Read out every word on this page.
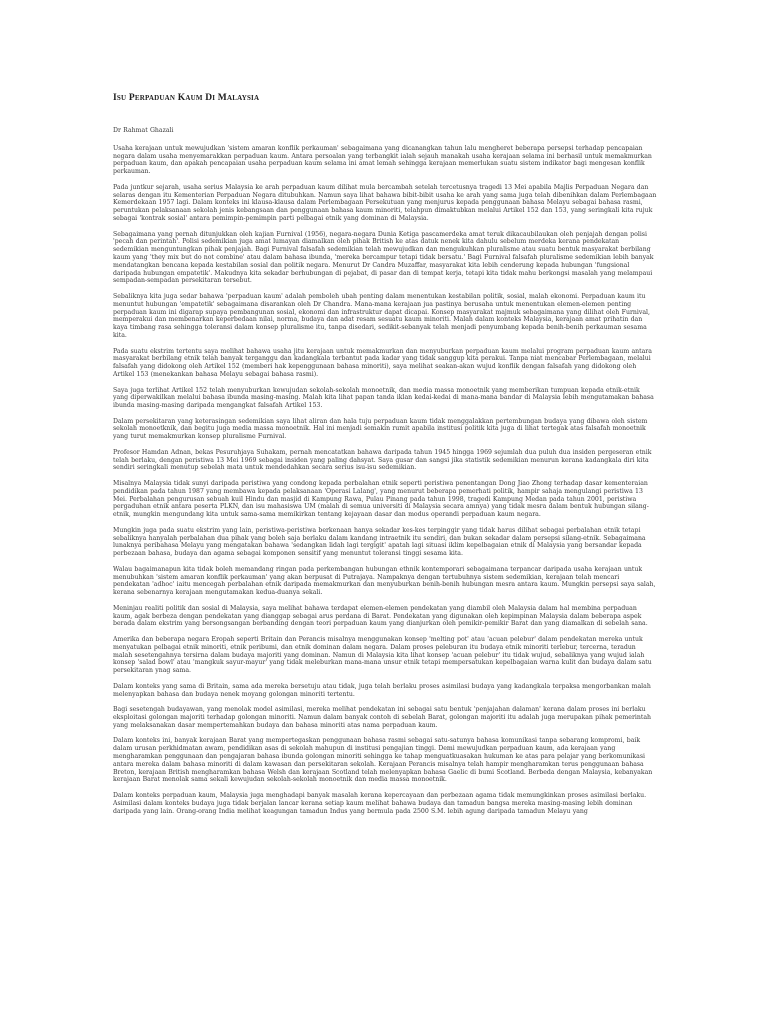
Isu Perpaduan Kaum Di Malaysia

Dr Rahmat Ghazali

Usaha kerajaan untuk mewujudkan 'sistem amaran konflik perkauman' sebagaimana yang dicanangkan tahun lalu mengheret beberapa persepsi terhadap pencapaian negara dalam usaha menyemarakkan perpaduan kaum. Antara persoalan yang terbangkit ialah sejauh manakah usaha kerajaan selama ini berhasil untuk memakmurkan perpaduan kaum, dan apakah pencapaian usaha perpaduan kaum selama ini amat lemah sehingga kerajaan memerlukan suatu sistem indikator bagi mengesan konflik perkauman.

Pada juntkur sejarah, usaha serius Malaysia ke arah perpaduan kaum dilihat mula bercambah setelah tercetusnya tragedi 13 Mei apabila Majlis Perpaduan Negara dan selaras dengan itu Kementerian Perpaduan Negara ditubuhkan. Namun saya lihat bahawa bibit-bibit usaha ke arah yang sama juga telah dibenihkan dalam Perlembagaan Kemerdekaan 1957 lagi. Dalam konteks ini klausa-klausa dalam Perlembagaan Persekutuan yang menjurus kepada penggunaan bahasa Melayu sebagai bahasa rasmi, peruntukan pelaksanaan sekolah jenis kebangsaan dan penggunaan bahasa kaum minoriti, telahpun dimaktubkan melalui Artikel 152 dan 153, yang seringkali kita rujuk sebagai 'kontrak sosial' antara pemimpin-pemimpin parti pelbagai etnik yang dominan di Malaysia.

Sebagaimana yang pernah ditunjukkan oleh kajian Furnival (1956), negara-negara Dunia Ketiga pascamerdeka amat teruk dikacaubilaukan oleh penjajah dengan polisi 'pecah dan perintah'. Polisi sedemikian juga amat lumayan diamalkan oleh pihak British ke atas datuk nenek kita dahulu sebelum merdeka kerana pendekatan sedemikian menguntungkan pihak penjajah. Bagi Furnival falsafah sedemikian telah mewujudkan dan mengukuhkan pluralisme atau suatu bentuk masyarakat berbilang kaum yang 'they mix but do not combine' atau dalam bahasa ibunda, 'mereka bercampur tetapi tidak bersatu.' Bagi Furnival falsafah pluralisme sedemikian lebih banyak mendatangkan bencana kepada kestabilan sosial dan politik negara. Menurut Dr Candra Muzaffar, masyarakat kita lebih cenderung kepada hubungan 'fungsional daripada hubungan empatetik'. Makudnya kita sekadar berhubungan di pejabat, di pasar dan di tempat kerja, tetapi kita tidak mahu berkongsi masalah yang melampaui sempadan-sempadan persekitaran tersebut.

Sebaliknya kita juga sedar bahawa 'perpaduan kaum' adalah pemboleh ubah penting dalam menentukan kestabilan politik, sosial, malah ekonomi. Perpaduan kaum itu menuntut hubungan 'empatetik' sebagaimana disarankan oleh Dr Chandra. Mana-mana kerajaan jua pastinya berusaha untuk menentukan elemen-elemen penting perpaduan kaum ini digarap supaya pembangunan sosial, ekonomi dan infrastruktur dapat dicapai. Konsep masyarakat majmuk sebagaimana yang dilihat oleh Furnival, memperakui dan membenarkan keperbedaan nilai, norma, budaya dan adat resam sesuatu kaum minoriti. Malah dalam konteks Malaysia, kerajaan amat prihatin dan kaya timbang rasa sehingga toleransi dalam konsep pluralisme itu, tanpa disedari, sedikit-sebanyak telah menjadi penyumbang kepada benih-benih perkauman sesama kita.

Pada suatu ekstrim tertentu saya melihat bahawa usaha jitu kerajaan untuk memakmurkan dan menyuburkan perpaduan kaum melalui program perpaduan kaum antara masyarakat berbilang etnik telah banyak terganggu dan kadangkala terbantut pada kadar yang tidak sanggup kita perakui. Tanpa niat mencabar Perlembagaan, melalui falsafah yang didokong oleh Artikel 152 (memberi hak kepenggunaan bahasa minoriti), saya melihat seakan-akan wujud konflik dengan falsafah yang didokong oleh Artikel 153 (menekankan bahasa Melayu sebagai bahasa rasmi).

Saya juga terlihat Artikel 152 telah menyuburkan kewujudan sekolah-sekolah monoetnik, dan media massa monoetnik yang memberikan tumpuan kepada etnik-etnik yang diperwakilkan melalui bahasa ibunda masing-masing. Malah kita lihat papan tanda iklan kedai-kedai di mana-mana bandar di Malaysia lebih mengutamakan bahasa ibunda masing-masing daripada mengangkat falsafah Artikel 153.

Dalam persekitaran yang keterasingan sedemikian saya lihat aliran dan hala tuju perpaduan kaum tidak menggalakkan pertembungan budaya yang dibawa oleh sistem sekolah monoetknik, dan begitu juga media massa monoetnik. Hal ini menjadi semakin rumit apabila institusi politik kita juga di lihat tertegak atas falsafah monoetnik yang turut memakmurkan konsep pluralisme Furnival.

Profesor Hamdan Adnan, bekas Pesuruhjaya Suhakam, pernah mencatatkan bahawa daripada tahun 1945 hingga 1969 sejumlah dua puluh dua insiden pergeseran etnik telah berlaku, dengan peristiwa 13 Mei 1969 sebagai insiden yang paling dahsyat. Saya gusar dan sangsi jika statistik sedemikian menurun kerana kadangkala diri kita sendiri seringkali menutup sebelah mata untuk mendedahkan secara serius isu-isu sedemikian.

Misalnya Malaysia tidak sunyi daripada peristiwa yang condong kepada perbalahan etnik seperti peristiwa penentangan Dong Jiao Zhong terhadap dasar kementeraian pendidikan pada tahun 1987 yang membawa kepada pelaksanaan 'Operasi Lalang', yang menurut beberapa pemerhati politik, hampir sahaja mengulangi peristiwa 13 Mei. Perbalahan pengurusan sebuah kuil Hindu dan masjid di Kampung Rawa, Pulau Pinang pada tahun 1998, tragedi Kampung Medan pada tahun 2001, peristiwa pergaduhan etnik antara peserta PLKN, dan isu mahasiswa UM (malah di semua universiti di Malaysia secara amnya) yang tidak mesra dalam bentuk hubungan silang-etnik, mungkin mengundang kita untuk sama-sama memikirkan tentang kejayaan dasar dan modus operandi perpaduan kaum negara.

Mungkin juga pada suatu ekstrim yang lain, peristiwa-peristiwa berkenaan hanya sekadar kes-kes terpinggir yang tidak harus dilihat sebagai perbalahan etnik tetapi sebaliknya hanyalah perbalahan dua pihak yang boleh saja berlaku dalam kandang intraetnik itu sendiri, dan bukan sekadar dalam persepsi silang-etnik. Sebagaimana lunaknya peribahasa Melayu yang mengatakan bahawa 'sedangkan lidah lagi tergigit' apatah lagi situasi iklim kepelbagaian etnik di Malaysia yang bersandar kepada perbezaan bahasa, budaya dan agama sebagai komponen sensitif yang menuntut toleransi tinggi sesama kita.

Walau bagaimanapun kita tidak boleh memandang ringan pada perkembangan hubungan ethnik kontemporari sebagaimana terpancar daripada usaha kerajaan untuk menubuhkan 'sistem amaran konflik perkauman' yang akan berpusat di Putrajaya. Nampaknya dengan tertubuhnya sistem sedemikian, kerajaan telah mencari pendekatan 'adhoc' iaitu mencegah perbalahan etnik daripada memakmurkan dan menyuburkan benih-benih hubungan mesra antara kaum. Mungkin persepsi saya salah, kerana sebenarnya kerajaan mengutamakan kedua-duanya sekali.

Meninjau realiti politik dan sosial di Malaysia, saya melihat bahawa terdapat elemen-elemen pendekatan yang diambil oleh Malaysia dalam hal membina perpaduan kaum, agak berbeza dengan pendekatan yang dianggap sebagai arus perdana di Barat. Pendekatan yang digunakan oleh kepimpinan Malaysia dalam beberapa aspek berada dalam ekstrim yang bersongsangan berbanding dengan teori perpaduan kaum yang dianjurkan oleh pemikir-pemikir Barat dan yang diamalkan di sebelah sana.

Amerika dan beberapa negara Eropah seperti Britain dan Perancis misalnya menggunakan konsep 'melting pot' atau 'acuan pelebur' dalam pendekatan mereka untuk menyatukan pelbagai etnik minoriti, etnik peribumi, dan etnik dominan dalam negara. Dalam proses peleburan itu budaya etnik minoriti terlebur, tercerna, teradun malah sesetengahnya tersirna dalam budaya majoriti yang dominan. Namun di Malaysia kita lihat konsep 'acuan pelebur' itu tidak wujud, sebaliknya yang wujud ialah konsep 'salad bowl' atau 'mangkuk sayur-mayur' yang tidak meleburkan mana-mana unsur etnik tetapi mempersatukan kepelbagaian warna kulit dan budaya dalam satu persekitaran ynag sama.

Dalam konteks yang sama di Britain, sama ada mereka bersetuju atau tidak, juga telah berlaku proses asimilasi budaya yang kadangkala terpaksa mengorbankan malah melenyapkan bahasa dan budaya nenek moyang golongan minoriti tertentu.

Bagi sesetengah budayawan, yang menolak model asimilasi, mereka melihat pendekatan ini sebagai satu bentuk 'penjajahan dalaman' kerana dalam proses ini berlaku eksploitasi golongan majoriti terhadap golongan minoriti. Namun dalam banyak contoh di sebelah Barat, golongan majoriti itu adalah juga merupakan pihak pemerintah yang melaksanakan dasar mempertemahkan budaya dan bahasa minoriti atas nama perpaduan kaum.

Dalam konteks ini, banyak kerajaan Barat yang mempertegaskan penggunaan bahasa rasmi sebagai satu-satunya bahasa komunikasi tanpa sebarang kompromi, baik dalam urusan perkhidmatan awam, pendidikan asas di sekolah mahupun di institusi pengajian tinggi. Demi mewujudkan perpaduan kaum, ada kerajaan yang mengharamkan penggunaan dan pengajaran bahasa ibunda golongan minoriti sehingga ke tahap menguatkuasakan hukuman ke atas para pelajar yang berkomunikasi antara mereka dalam bahasa minoriti di dalam kawasan dan persekitaran sekolah. Kerajaan Perancis misalnya telah hampir mengharamkan terus penggunaan bahasa Breton, kerajaan British mengharamkan bahasa Welsh dan kerajaan Scotland telah melenyapkan bahasa Gaelic di bumi Scotland. Berbeda dengan Malaysia, kebanyakan kerajaan Barat menolak sama sekali kewujudan sekolah-sekolah monoetnik dan media massa monoetnik.

Dalam konteks perpaduan kaum, Malaysia juga menghadapi banyak masalah kerana kepercayaan dan perbezaan agama tidak memungkinkan proses asimilasi berlaku. Asimilasi dalam konteks budaya juga tidak berjalan lancar kerana setiap kaum melihat bahawa budaya dan tamadun bangsa mereka masing-masing lebih dominan daripada yang lain. Orang-orang India melihat keagungan tamadun Indus yang bermula pada 2500 S.M. lebih agung daripada tamadun Melayu yang
